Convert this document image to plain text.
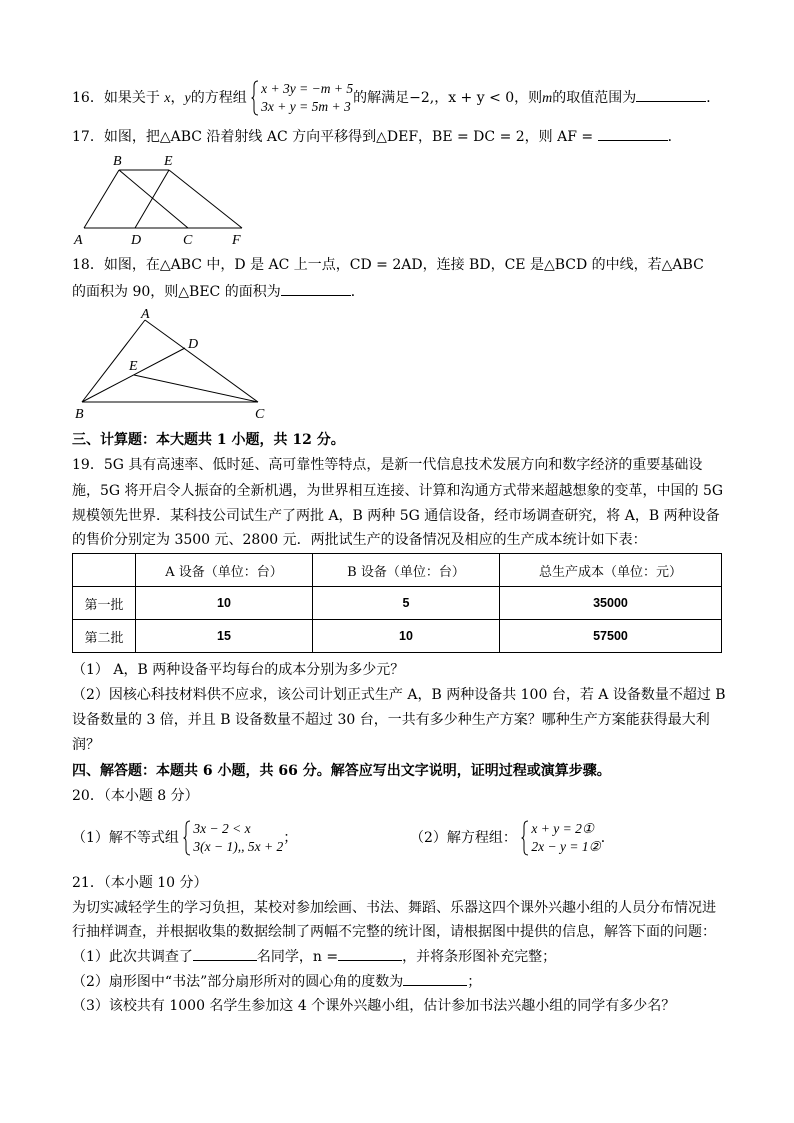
16．如果关于 x，y的方程组
x + 3y = −m + 5
3x + y = 5m + 3
的解满足−2,，x + y < 0，则m的取值范围为	．
17．如图，把△ABC 沿着射线 AC 方向平移得到△DEF，BE = DC = 2，则 AF =	．
B	E
A	D	C	F
18．如图，在△ABC 中，D 是 AC 上一点，CD = 2AD，连接 BD，CE 是△BCD 的中线，若△ABC
的面积为 90，则△BEC 的面积为	．
A
D
E
B	C
三、计算题：本大题共 1 小题，共 12 分。
19．5G 具有高速率、低时延、高可靠性等特点，是新一代信息技术发展方向和数字经济的重要基础设
施，5G 将开启令人振奋的全新机遇，为世界相互连接、计算和沟通方式带来超越想象的变革，中国的 5G
规模领先世界．某科技公司试生产了两批 A，B 两种 5G 通信设备，经市场调查研究，将 A，B 两种设备
的售价分别定为 3500 元、2800 元．两批试生产的设备情况及相应的生产成本统计如下表：
	A 设备（单位：台）	B 设备（单位：台）	总生产成本（单位：元）
第一批	10	5	35000
第二批	15	10	57500
（1） A，B 两种设备平均每台的成本分别为多少元？
（2）因核心科技材料供不应求，该公司计划正式生产 A，B 两种设备共 100 台，若 A 设备数量不超过 B
设备数量的 3 倍，并且 B 设备数量不超过 30 台，一共有多少种生产方案？哪种生产方案能获得最大利
润？
四、解答题：本题共 6 小题，共 66 分。解答应写出文字说明，证明过程或演算步骤。
20．（本小题 8 分）
（1）解不等式组
3x − 2 < x
3(x − 1),, 5x + 2
；	（2）解方程组：
x + y = 2①
2x − y = 1②
．
21．（本小题 10 分）
为切实减轻学生的学习负担，某校对参加绘画、书法、舞蹈、乐器这四个课外兴趣小组的人员分布情况进
行抽样调查，并根据收集的数据绘制了两幅不完整的统计图，请根据图中提供的信息，解答下面的问题：
（1）此次共调查了	名同学，n =	，并将条形图补充完整；
（2）扇形图中“书法”部分扇形所对的圆心角的度数为	；
（3）该校共有 1000 名学生参加这 4 个课外兴趣小组，估计参加书法兴趣小组的同学有多少名？
